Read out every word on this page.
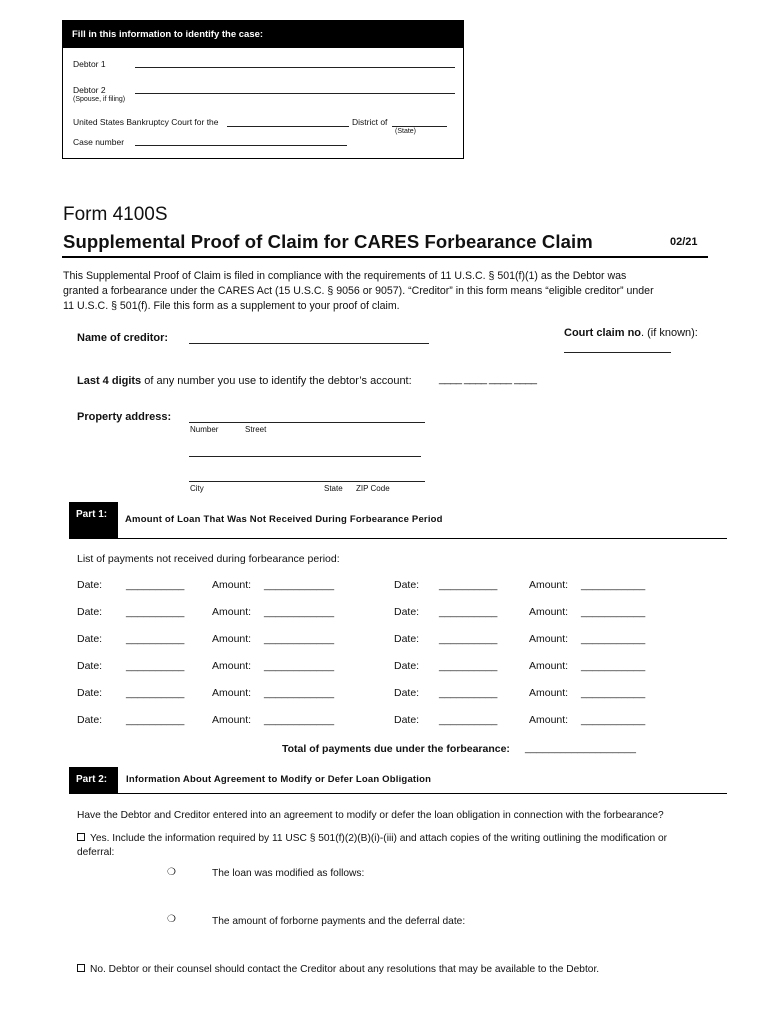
Fill in this information to identify the case:
Debtor 1
Debtor 2
(Spouse, if filing)
United States Bankruptcy Court for the	District of
(State)
Case number
Form 4100S
Supplemental Proof of Claim for CARES Forbearance Claim	02/21
This Supplemental Proof of Claim is filed in compliance with the requirements of 11 U.S.C. § 501(f)(1) as the Debtor was
granted a forbearance under the CARES Act (15 U.S.C. § 9056 or 9057). “Creditor” in this form means “eligible creditor” under
11 U.S.C. § 501(f). File this form as a supplement to your proof of claim.
Name of creditor:	Court claim no. (if known):
Last 4 digits of any number you use to identify the debtor’s account: ____ ____ ____ ____
Property address:
Number	Street
City	State ZIP Code
Part 1:	Amount of Loan That Was Not Received During Forbearance Period
List of payments not received during forbearance period:
Date: __________	Amount: ____________	Date: __________	Amount: ___________
Date: __________	Amount: ____________	Date: __________	Amount: ___________
Date: __________	Amount: ____________	Date: __________	Amount: ___________
Date: __________	Amount: ____________	Date: __________	Amount: ___________
Date: __________	Amount: ____________	Date: __________	Amount: ___________
Date: __________	Amount: ____________	Date: __________	Amount: ___________
Total of payments due under the forbearance: ___________________
Part 2:	Information About Agreement to Modify or Defer Loan Obligation
Have the Debtor and Creditor entered into an agreement to modify or defer the loan obligation in connection with the forbearance?
Yes. Include the information required by 11 USC § 501(f)(2)(B)(i)-(iii) and attach copies of the writing outlining the modification or
deferral:
❍	The loan was modified as follows:
❍	The amount of forborne payments and the deferral date:
No. Debtor or their counsel should contact the Creditor about any resolutions that may be available to the Debtor.
